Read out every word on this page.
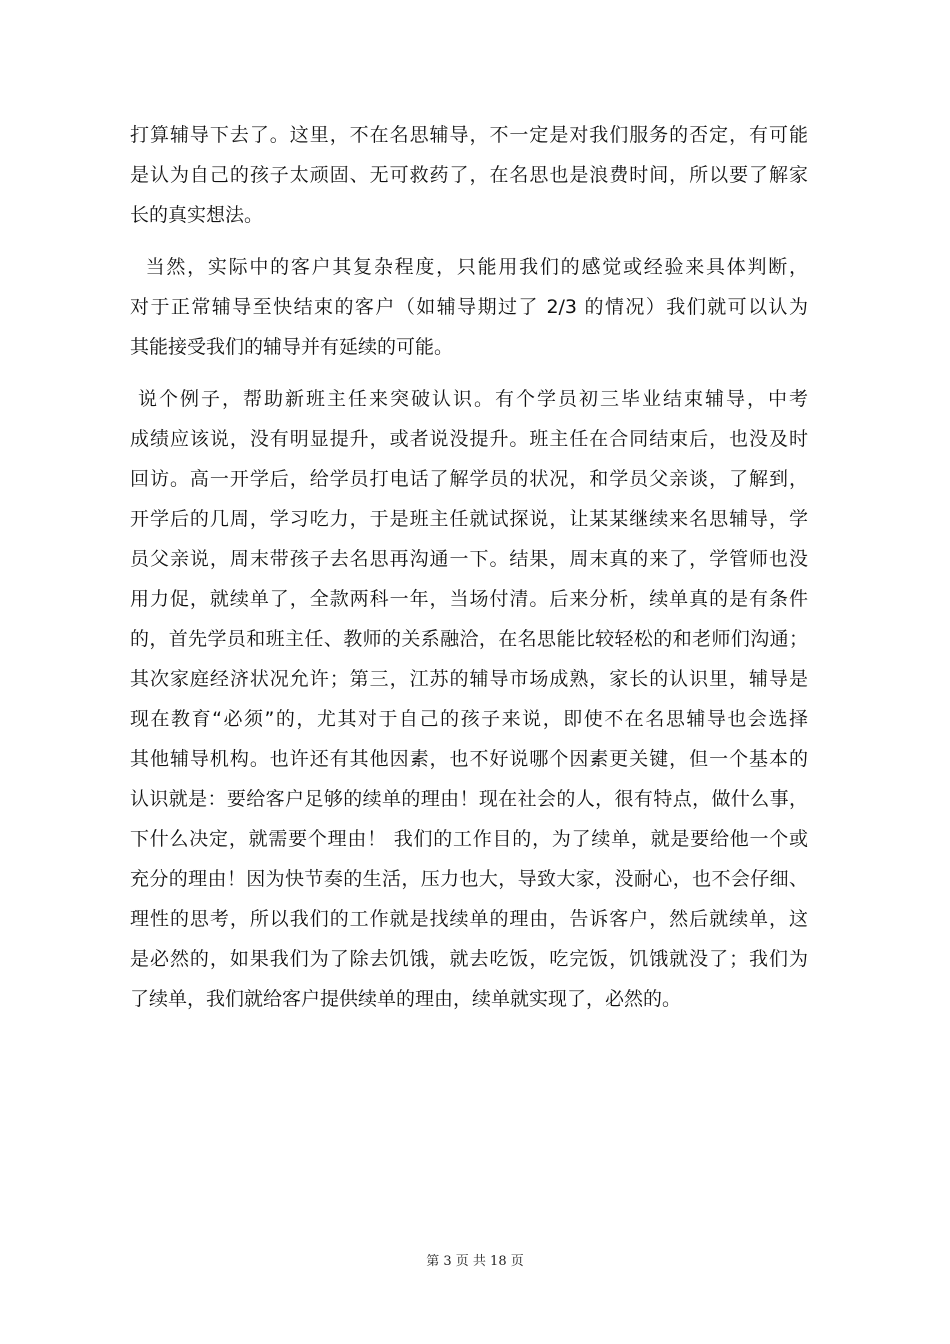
打算辅导下去了。这里，不在名思辅导，不一定是对我们服务的否定，有可能
是认为自己的孩子太顽固、无可救药了，在名思也是浪费时间，所以要了解家
长的真实想法。
当然，实际中的客户其复杂程度，只能用我们的感觉或经验来具体判断，
对于正常辅导至快结束的客户（如辅导期过了 2/3 的情况）我们就可以认为
其能接受我们的辅导并有延续的可能。
说个例子，帮助新班主任来突破认识。有个学员初三毕业结束辅导，中考
成绩应该说，没有明显提升，或者说没提升。班主任在合同结束后，也没及时
回访。高一开学后，给学员打电话了解学员的状况，和学员父亲谈，了解到，
开学后的几周，学习吃力，于是班主任就试探说，让某某继续来名思辅导，学
员父亲说，周末带孩子去名思再沟通一下。结果，周末真的来了，学管师也没
用力促，就续单了，全款两科一年，当场付清。后来分析，续单真的是有条件
的，首先学员和班主任、教师的关系融洽，在名思能比较轻松的和老师们沟通；
其次家庭经济状况允许；第三，江苏的辅导市场成熟，家长的认识里，辅导是
现在教育“必须”的，尤其对于自己的孩子来说，即使不在名思辅导也会选择
其他辅导机构。也许还有其他因素，也不好说哪个因素更关键，但一个基本的
认识就是：要给客户足够的续单的理由！现在社会的人，很有特点，做什么事，
下什么决定，就需要个理由！ 我们的工作目的，为了续单，就是要给他一个或
充分的理由！因为快节奏的生活，压力也大，导致大家，没耐心，也不会仔细、
理性的思考，所以我们的工作就是找续单的理由，告诉客户，然后就续单，这
是必然的，如果我们为了除去饥饿，就去吃饭，吃完饭，饥饿就没了；我们为
了续单，我们就给客户提供续单的理由，续单就实现了，必然的。
第 3 页 共 18 页
